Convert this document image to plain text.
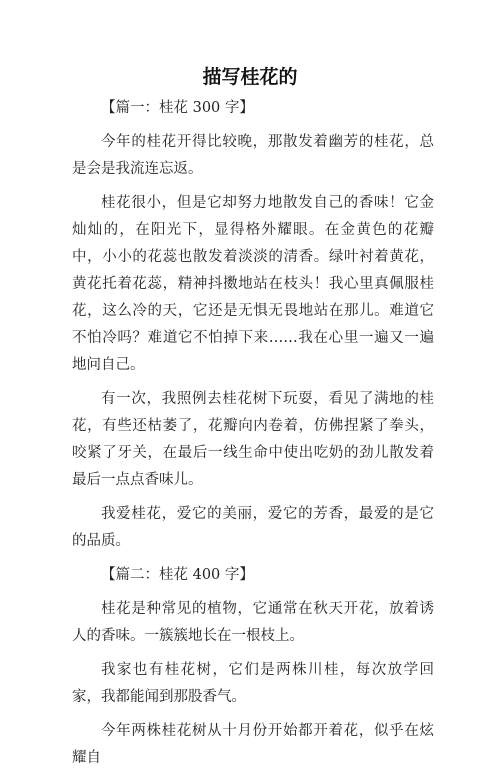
描写桂花的

【篇一：桂花 300 字】

今年的桂花开得比较晚，那散发着幽芳的桂花，总是会是我流连忘返。

桂花很小，但是它却努力地散发自己的香味！它金灿灿的，在阳光下，显得格外耀眼。在金黄色的花瓣中，小小的花蕊也散发着淡淡的清香。绿叶衬着黄花，黄花托着花蕊，精神抖擞地站在枝头！我心里真佩服桂花，这么冷的天，它还是无惧无畏地站在那儿。难道它不怕冷吗？难道它不怕掉下来……我在心里一遍又一遍地问自己。

有一次，我照例去桂花树下玩耍，看见了满地的桂花，有些还枯萎了，花瓣向内卷着，仿佛捏紧了拳头，咬紧了牙关，在最后一线生命中使出吃奶的劲儿散发着最后一点点香味儿。

我爱桂花，爱它的美丽，爱它的芳香，最爱的是它的品质。

【篇二：桂花 400 字】

桂花是种常见的植物，它通常在秋天开花，放着诱人的香味。一簇簇地长在一根枝上。

我家也有桂花树，它们是两株川桂，每次放学回家，我都能闻到那股香气。

今年两株桂花树从十月份开始都开着花，似乎在炫耀自
